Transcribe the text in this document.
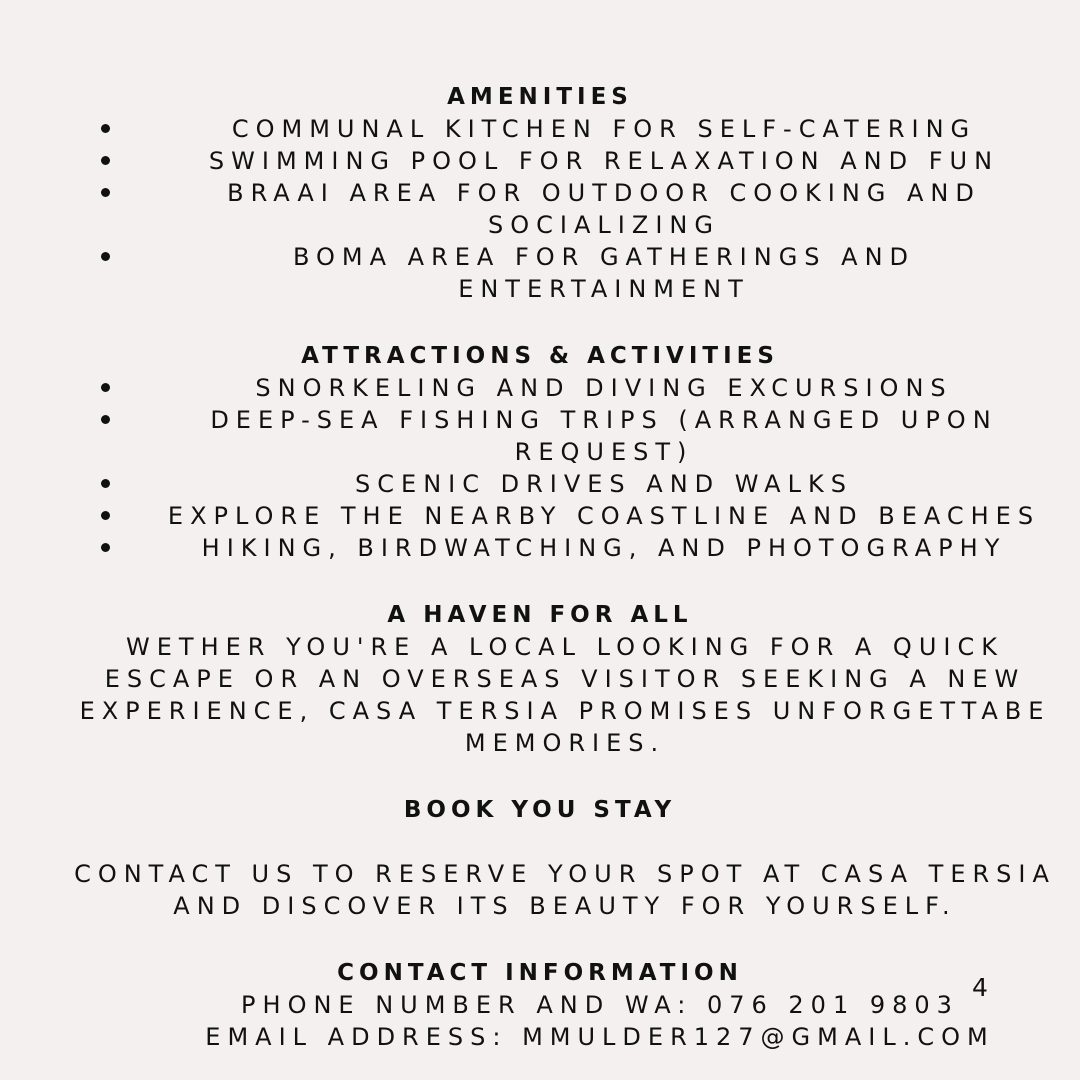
AMENITIES
COMMUNAL KITCHEN FOR SELF-CATERING
SWIMMING POOL FOR RELAXATION AND FUN
BRAAI AREA FOR OUTDOOR COOKING AND
SOCIALIZING
BOMA AREA FOR GATHERINGS AND
ENTERTAINMENT
ATTRACTIONS & ACTIVITIES
SNORKELING AND DIVING EXCURSIONS
DEEP-SEA FISHING TRIPS (ARRANGED UPON
REQUEST)
SCENIC DRIVES AND WALKS
EXPLORE THE NEARBY COASTLINE AND BEACHES
HIKING, BIRDWATCHING, AND PHOTOGRAPHY
A HAVEN FOR ALL
WETHER YOU'RE A LOCAL LOOKING FOR A QUICK
ESCAPE OR AN OVERSEAS VISITOR SEEKING A NEW
EXPERIENCE, CASA TERSIA PROMISES UNFORGETTABE
MEMORIES.
BOOK YOU STAY
CONTACT US TO RESERVE YOUR SPOT AT CASA TERSIA
AND DISCOVER ITS BEAUTY FOR YOURSELF.
CONTACT INFORMATION
PHONE NUMBER AND WA: 076 201 9803
EMAIL ADDRESS: MMULDER127@GMAIL.COM
4
